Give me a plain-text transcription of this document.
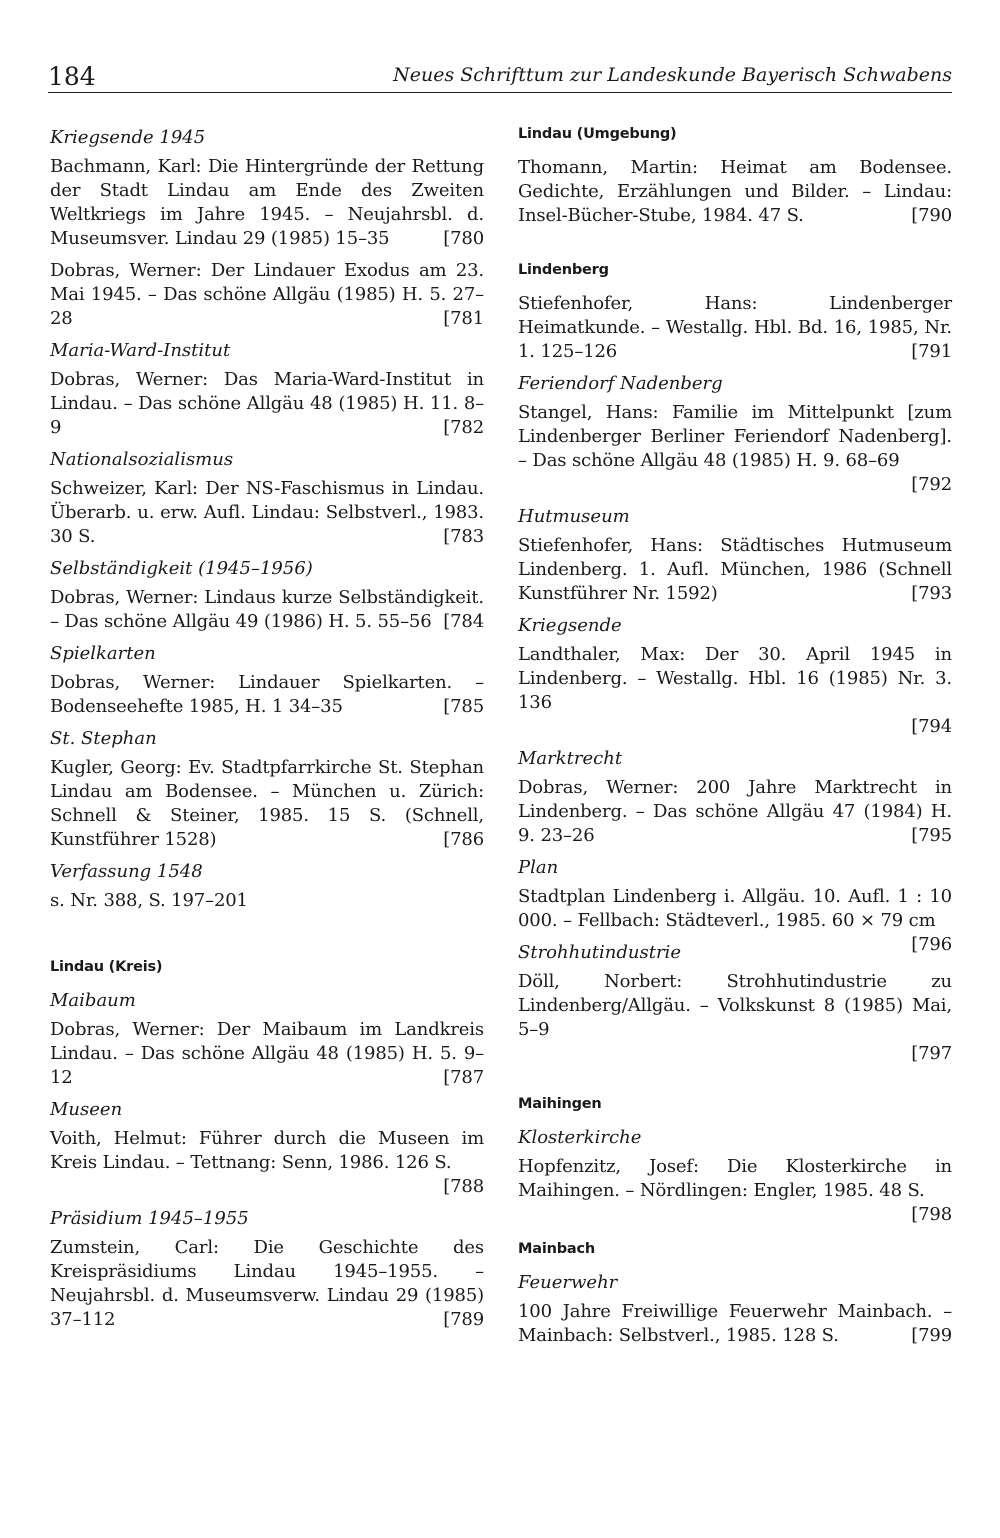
184	Neues Schrifttum zur Landeskunde Bayerisch Schwabens
Kriegsende 1945
Bachmann, Karl: Die Hintergründe der Rettung der Stadt Lindau am Ende des Zweiten Weltkriegs im Jahre 1945. – Neujahrsbl. d. Museumsver. Lindau 29 (1985) 15–35	[780
Dobras, Werner: Der Lindauer Exodus am 23. Mai 1945. – Das schöne Allgäu (1985) H. 5. 27–28	[781
Maria-Ward-Institut
Dobras, Werner: Das Maria-Ward-Institut in Lindau. – Das schöne Allgäu 48 (1985) H. 11. 8–9	[782
Nationalsozialismus
Schweizer, Karl: Der NS-Faschismus in Lindau. Überarb. u. erw. Aufl. Lindau: Selbstverl., 1983. 30 S.	[783
Selbständigkeit (1945–1956)
Dobras, Werner: Lindaus kurze Selbständigkeit. – Das schöne Allgäu 49 (1986) H. 5. 55–56 [784
Spielkarten
Dobras, Werner: Lindauer Spielkarten. – Bodenseehefte 1985, H. 1 34–35	[785
St. Stephan
Kugler, Georg: Ev. Stadtpfarrkirche St. Stephan Lindau am Bodensee. – München u. Zürich: Schnell & Steiner, 1985. 15 S. (Schnell, Kunstführer 1528)	[786
Verfassung 1548
s. Nr. 388, S. 197–201
Lindau (Kreis)
Maibaum
Dobras, Werner: Der Maibaum im Landkreis Lindau. – Das schöne Allgäu 48 (1985) H. 5. 9–12	[787
Museen
Voith, Helmut: Führer durch die Museen im Kreis Lindau. – Tettnang: Senn, 1986. 126 S.
[788
Präsidium 1945–1955
Zumstein, Carl: Die Geschichte des Kreispräsidiums Lindau 1945–1955. – Neujahrsbl. d. Museumsverw. Lindau 29 (1985) 37–112	[789
Lindau (Umgebung)
Thomann, Martin: Heimat am Bodensee. Gedichte, Erzählungen und Bilder. – Lindau: Insel-Bücher-Stube, 1984. 47 S.	[790
Lindenberg
Stiefenhofer, Hans: Lindenberger Heimatkunde. – Westallg. Hbl. Bd. 16, 1985, Nr. 1. 125–126	[791
Feriendorf Nadenberg
Stangel, Hans: Familie im Mittelpunkt [zum Lindenberger Berliner Feriendorf Nadenberg]. – Das schöne Allgäu 48 (1985) H. 9. 68–69
[792
Hutmuseum
Stiefenhofer, Hans: Städtisches Hutmuseum Lindenberg. 1. Aufl. München, 1986 (Schnell Kunstführer Nr. 1592)	[793
Kriegsende
Landthaler, Max: Der 30. April 1945 in Lindenberg. – Westallg. Hbl. 16 (1985) Nr. 3. 136
[794
Marktrecht
Dobras, Werner: 200 Jahre Marktrecht in Lindenberg. – Das schöne Allgäu 47 (1984) H. 9. 23–26	[795
Plan
Stadtplan Lindenberg i. Allgäu. 10. Aufl. 1 : 10 000. – Fellbach: Städteverl., 1985. 60 × 79 cm
[796
Strohhutindustrie
Döll, Norbert: Strohhutindustrie zu Lindenberg/Allgäu. – Volkskunst 8 (1985) Mai, 5–9
[797
Maihingen
Klosterkirche
Hopfenzitz, Josef: Die Klosterkirche in Maihingen. – Nördlingen: Engler, 1985. 48 S.
[798
Mainbach
Feuerwehr
100 Jahre Freiwillige Feuerwehr Mainbach. – Mainbach: Selbstverl., 1985. 128 S.	[799
